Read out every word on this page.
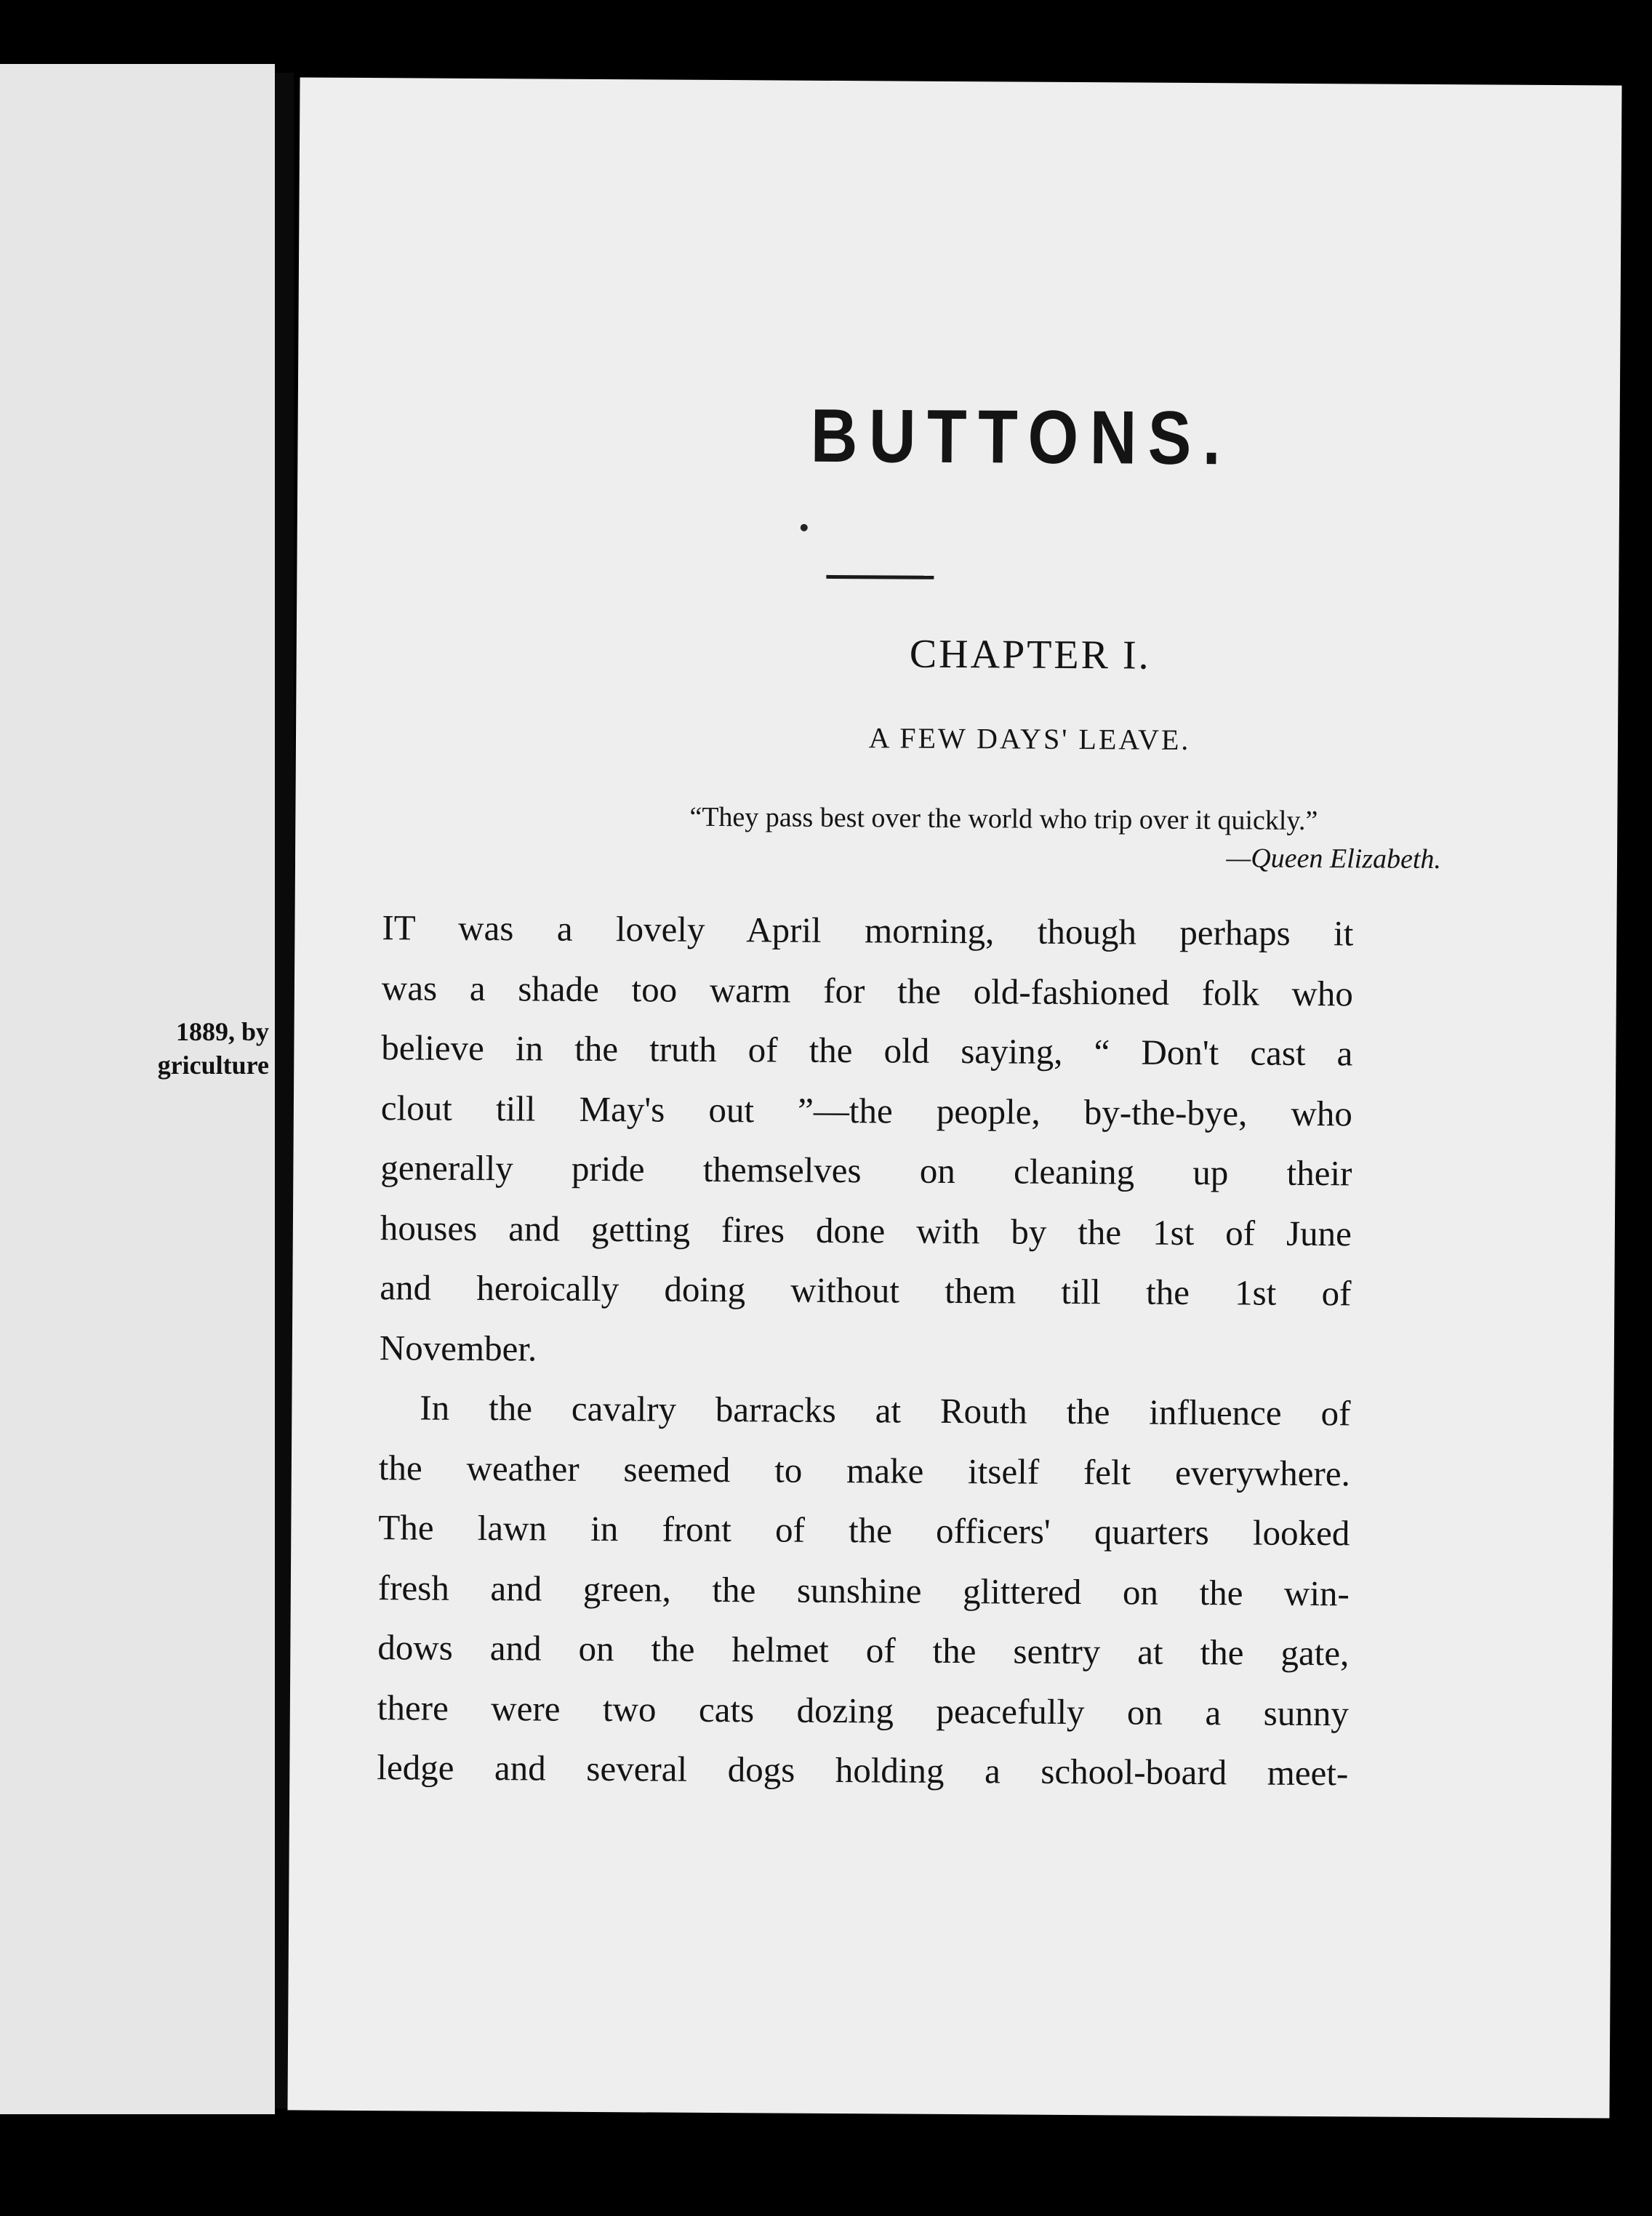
1889, by
griculture
BUTTONS.
CHAPTER I.
A FEW DAYS' LEAVE.
“They pass best over the world who trip over it quickly.”
—Queen Elizabeth.

IT was a lovely April morning, though perhaps it

was a shade too warm for the old-fashioned folk who

believe in the truth of the old saying, “ Don't cast a

clout till May's out ”—the people, by-the-bye, who

generally pride themselves on cleaning up their

houses and getting fires done with by the 1st of June

and heroically doing without them till the 1st of

November.

In the cavalry barracks at Routh the influence of

the weather seemed to make itself felt everywhere.

The lawn in front of the officers' quarters looked

fresh and green, the sunshine glittered on the win-

dows and on the helmet of the sentry at the gate,

there were two cats dozing peacefully on a sunny

ledge and several dogs holding a school-board meet-
